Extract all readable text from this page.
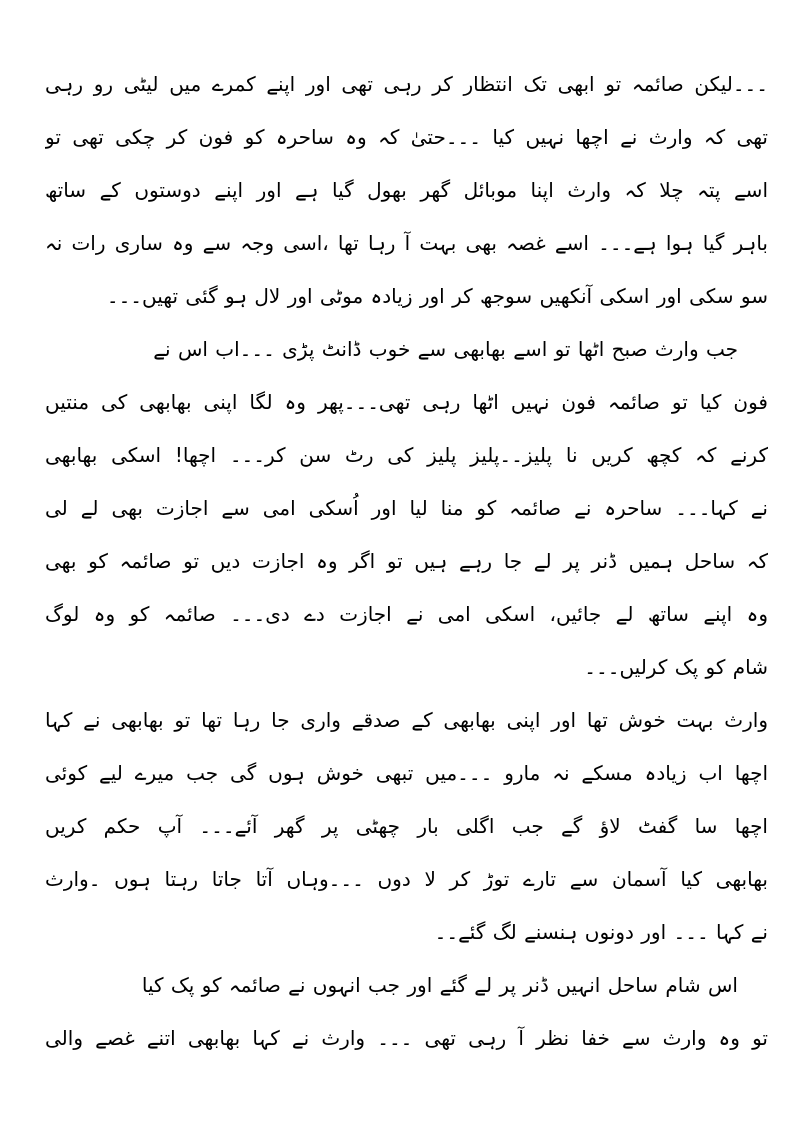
۔۔۔لیکن صائمہ تو ابھی تک انتظار کر رہی تھی اور اپنے کمرے میں لیٹی رو رہی
تھی کہ وارث نے اچھا نہیں کیا ۔۔۔حتیٰ کہ وہ ساحرہ کو فون کر چکی تھی تو
اسے پتہ چلا کہ وارث اپنا موبائل گھر بھول گیا ہے اور اپنے دوستوں کے ساتھ
باہر گیا ہوا ہے۔۔۔ اسے غصہ بھی بہت آ رہا تھا ،اسی وجہ سے وہ ساری رات نہ
سو سکی اور اسکی آنکھیں سوجھ کر اور زیادہ موٹی اور لال ہو گئی تھیں۔۔۔
جب وارث صبح اٹھا تو اسے بھابھی سے خوب ڈانٹ پڑی ۔۔۔اب اس نے
فون کیا تو صائمہ فون نہیں اٹھا رہی تھی۔۔۔پھر وہ لگا اپنی بھابھی کی منتیں
کرنے کہ کچھ کریں نا پلیز۔۔پلیز پلیز کی رٹ سن کر۔۔۔ اچھا! اسکی بھابھی
نے کہا۔۔۔ ساحرہ نے صائمہ کو منا لیا اور اُسکی امی سے اجازت بھی لے لی
کہ ساحل ہمیں ڈنر پر لے جا رہے ہیں تو اگر وہ اجازت دیں تو صائمہ کو بھی
وہ اپنے ساتھ لے جائیں، اسکی امی نے اجازت دے دی۔۔۔ صائمہ کو وہ لوگ
شام کو پک کرلیں۔۔۔
وارث بہت خوش تھا اور اپنی بھابھی کے صدقے واری جا رہا تھا تو بھابھی نے کہا
اچھا اب زیادہ مسکے نہ مارو ۔۔۔میں تبھی خوش ہوں گی جب میرے لیے کوئی
اچھا سا گفٹ لاؤ گے جب اگلی بار چھٹی پر گھر آئے۔۔۔ آپ حکم کریں
بھابھی کیا آسمان سے تارے توڑ کر لا دوں ۔۔۔وہاں آتا جاتا رہتا ہوں ۔وارث
نے کہا ۔۔۔ اور دونوں ہنسنے لگ گئے۔۔
اس شام ساحل انہیں ڈنر پر لے گئے اور جب انہوں نے صائمہ کو پک کیا
تو وہ وارث سے خفا نظر آ رہی تھی ۔۔۔ وارث نے کہا بھابھی اتنے غصے والی
